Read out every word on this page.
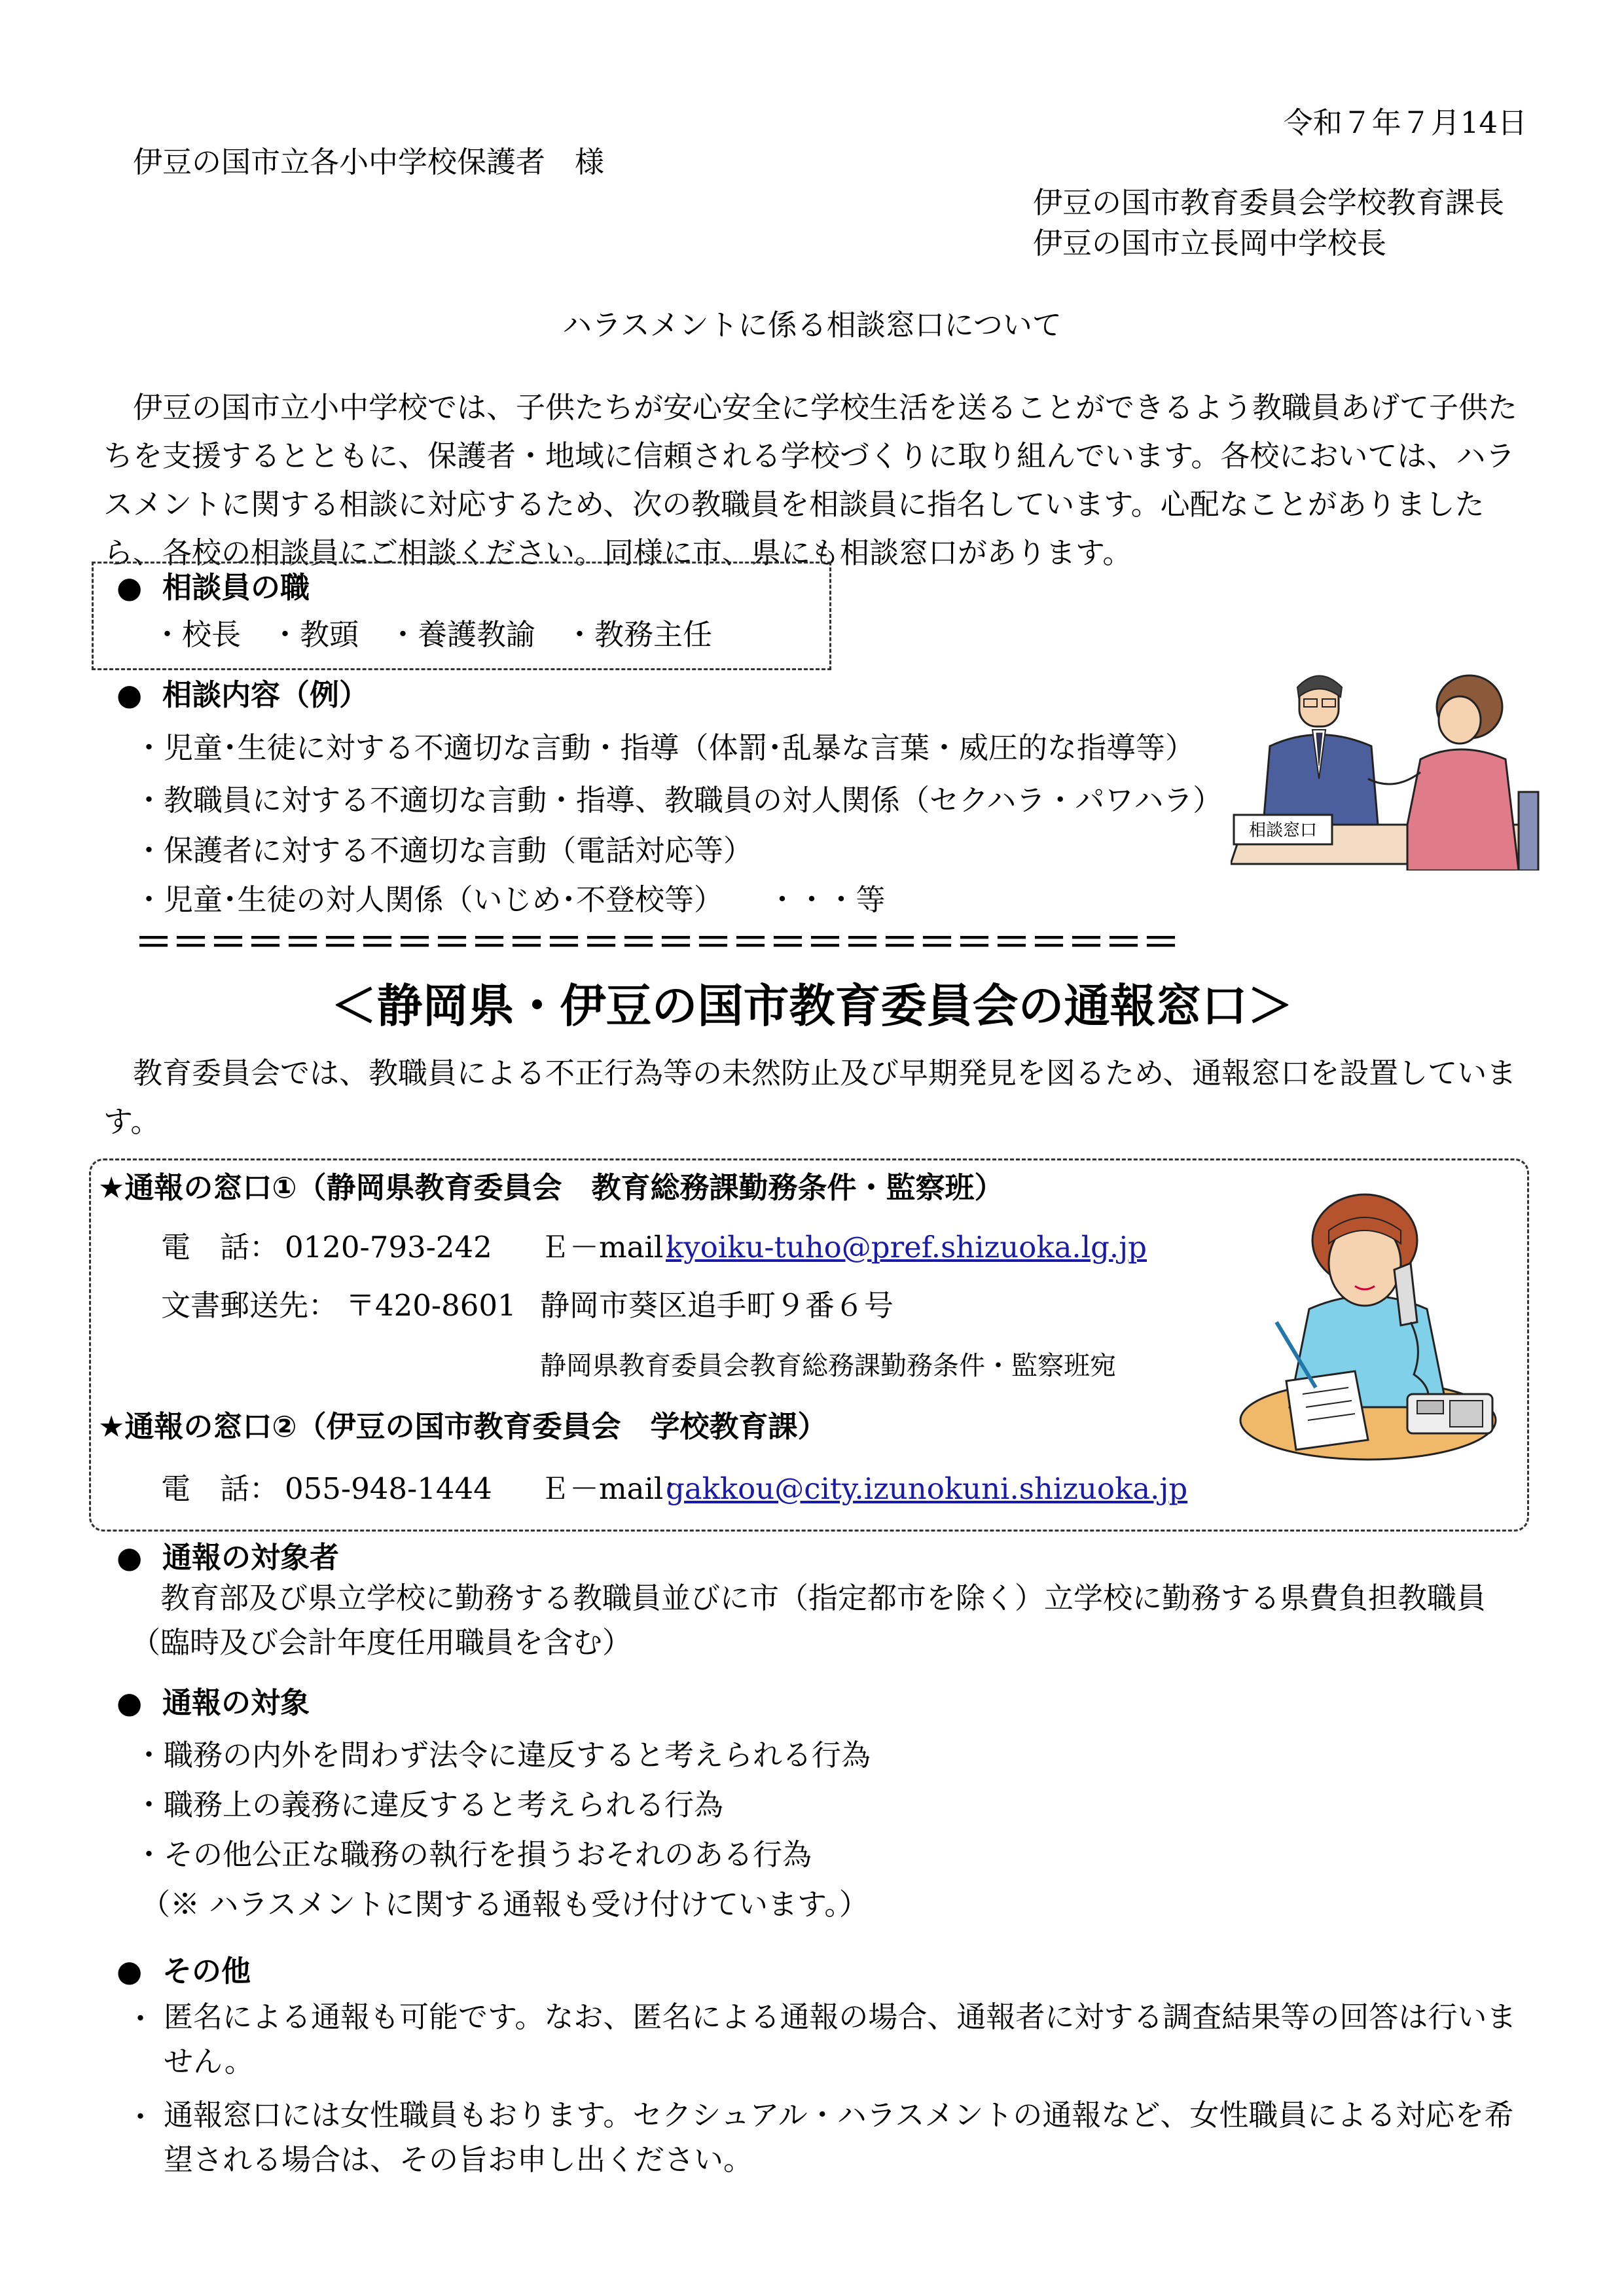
令和７年７月14日
伊豆の国市立各小中学校保護者　様
伊豆の国市教育委員会学校教育課長
伊豆の国市立長岡中学校長
ハラスメントに係る相談窓口について
伊豆の国市立小中学校では、子供たちが安心安全に学校生活を送ることができるよう教職員あげて子供たちを支援するとともに、保護者・地域に信頼される学校づくりに取り組んでいます。各校においては、ハラスメントに関する相談に対応するため、次の教職員を相談員に指名しています。心配なことがありましたら、各校の相談員にご相談ください。同様に市、県にも相談窓口があります。
● 相談員の職
・校長　・教頭　・養護教諭　・教務主任
● 相談内容（例）
・児童･生徒に対する不適切な言動・指導（体罰･乱暴な言葉・威圧的な指導等）
・教職員に対する不適切な言動・指導、教職員の対人関係（セクハラ・パワハラ）
・保護者に対する不適切な言動（電話対応等）
・児童･生徒の対人関係（いじめ･不登校等）　　・・・等
相談窓口
＝＝＝＝＝＝＝＝＝＝＝＝＝＝＝＝＝＝＝＝＝＝＝＝＝＝＝＝
＜静岡県・伊豆の国市教育委員会の通報窓口＞
教育委員会では、教職員による不正行為等の未然防止及び早期発見を図るため、通報窓口を設置しています。
★通報の窓口①（静岡県教育委員会　教育総務課勤務条件・監察班）
電　話： 0120-793-242 Ｅ－mail：
kyoiku-tuho@pref.shizuoka.lg.jp
文書郵送先： 〒420-8601 静岡市葵区追手町９番６号
静岡県教育委員会教育総務課勤務条件・監察班宛
★通報の窓口②（伊豆の国市教育委員会　学校教育課）
電　話： 055-948-1444 Ｅ－mail：
gakkou@city.izunokuni.shizuoka.jp
● 通報の対象者
教育部及び県立学校に勤務する教職員並びに市（指定都市を除く）立学校に勤務する県費負担教職員（臨時及び会計年度任用職員を含む）
● 通報の対象
・職務の内外を問わず法令に違反すると考えられる行為
・職務上の義務に違反すると考えられる行為
・その他公正な職務の執行を損うおそれのある行為
（※ ハラスメントに関する通報も受け付けています。）
● その他
・ 匿名による通報も可能です。なお、匿名による通報の場合、通報者に対する調査結果等の回答は行いません。
・ 通報窓口には女性職員もおります。セクシュアル・ハラスメントの通報など、女性職員による対応を希望される場合は、その旨お申し出ください。
